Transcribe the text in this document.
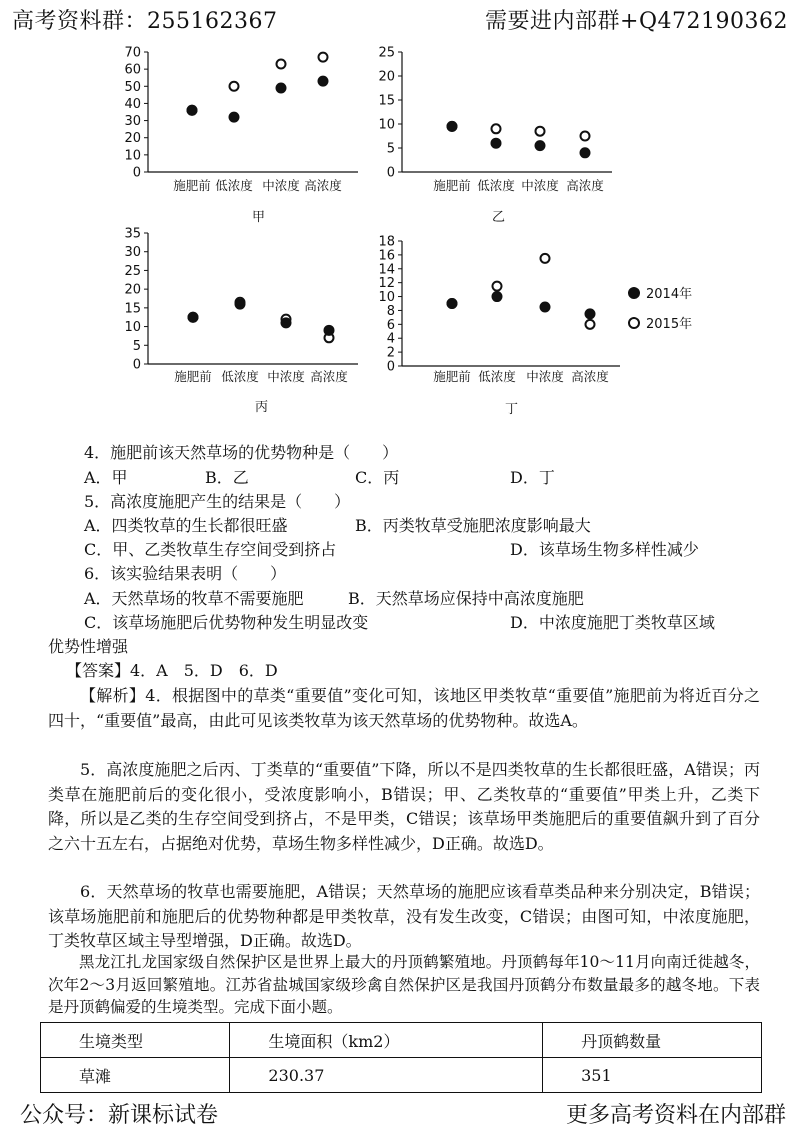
高考资料群：255162367	需要进内部群+Q472190362
0
10
20
30
40
50
60
70
施肥前 低浓度 中浓度 高浓度
0
5
10
15
20
25
施肥前 低浓度 中浓度 高浓度
0
5
10
15
20
25
30
35
施肥前 低浓度 中浓度 高浓度
0
2
4
6
8
10
12
14
16
18
施肥前 低浓度 中浓度 高浓度
甲	乙
丙	丁
2014年
2015年
4．施肥前该天然草场的优势物种是（　　）
A．甲	B．乙	C．丙	D．丁
5．高浓度施肥产生的结果是（　　）
A．四类牧草的生长都很旺盛	B．丙类牧草受施肥浓度影响最大
C．甲、乙类牧草生存空间受到挤占	D．该草场生物多样性减少
6．该实验结果表明（　　）
A．天然草场的牧草不需要施肥	B．天然草场应保持中高浓度施肥
C．该草场施肥后优势物种发生明显改变	D．中浓度施肥丁类牧草区域
优势性增强
【答案】4．A　5．D　6．D
【解析】4．根据图中的草类“重要值”变化可知，该地区甲类牧草“重要值”施肥前为将近百分之四十，“重要值”最高，由此可见该类牧草为该天然草场的优势物种。故选A。
5．高浓度施肥之后丙、丁类草的“重要值”下降，所以不是四类牧草的生长都很旺盛，A错误；丙类草在施肥前后的变化很小，受浓度影响小，B错误；甲、乙类牧草的“重要值”甲类上升，乙类下降，所以是乙类的生存空间受到挤占，不是甲类，C错误；该草场甲类施肥后的重要值飙升到了百分之六十五左右，占据绝对优势，草场生物多样性减少，D正确。故选D。
6．天然草场的牧草也需要施肥，A错误；天然草场的施肥应该看草类品种来分别决定，B错误；该草场施肥前和施肥后的优势物种都是甲类牧草，没有发生改变，C错误；由图可知，中浓度施肥，丁类牧草区域主导型增强，D正确。故选D。
黑龙江扎龙国家级自然保护区是世界上最大的丹顶鹤繁殖地。丹顶鹤每年10～11月向南迁徙越冬，次年2～3月返回繁殖地。江苏省盐城国家级珍禽自然保护区是我国丹顶鹤分布数量最多的越冬地。下表是丹顶鹤偏爱的生境类型。完成下面小题。
生境类型	生境面积（km2）	丹顶鹤数量
草滩	230.37	351
公众号：新课标试卷	更多高考资料在内部群
